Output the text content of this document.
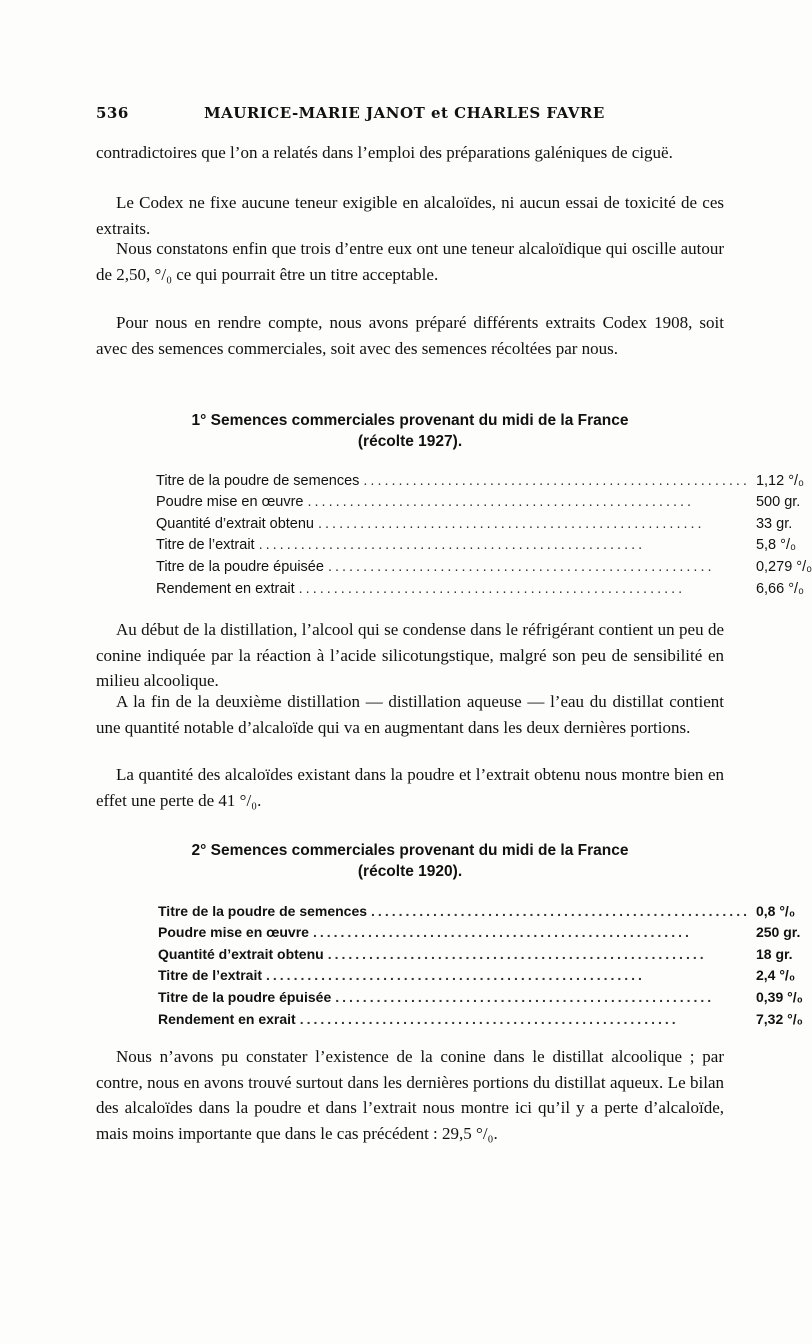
536	MAURICE-MARIE JANOT et CHARLES FAVRE

contradictoires que l’on a relatés dans l’emploi des préparations galéniques de ciguë.

Le Codex ne fixe aucune teneur exigible en alcaloïdes, ni aucun essai de toxicité de ces extraits.

Nous constatons enfin que trois d’entre eux ont une teneur alcaloïdique qui oscille autour de 2,50, °/₀ ce qui pourrait être un titre acceptable.

Pour nous en rendre compte, nous avons préparé différents extraits Codex 1908, soit avec des semences commerciales, soit avec des semences récoltées par nous.

1° Semences commerciales provenant du midi de la France
(récolte 1927).
Titre de la poudre de semences .......................................................	1,12 °/₀
Poudre mise en œuvre .......................................................	500 gr.
Quantité d’extrait obtenu .......................................................	33 gr.
Titre de l’extrait .......................................................	5,8 °/₀
Titre de la poudre épuisée .......................................................	0,279 °/₀
Rendement en extrait .......................................................	6,66 °/₀

Au début de la distillation, l’alcool qui se condense dans le réfrigérant contient un peu de conine indiquée par la réaction à l’acide silicotungstique, malgré son peu de sensibilité en milieu alcoolique.

A la fin de la deuxième distillation — distillation aqueuse — l’eau du distillat contient une quantité notable d’alcaloïde qui va en augmentant dans les deux dernières portions.

La quantité des alcaloïdes existant dans la poudre et l’extrait obtenu nous montre bien en effet une perte de 41 °/₀.

2° Semences commerciales provenant du midi de la France
(récolte 1920).
Titre de la poudre de semences .......................................................	0,8 °/₀
Poudre mise en œuvre .......................................................	250 gr.
Quantité d’extrait obtenu .......................................................	18 gr.
Titre de l’extrait .......................................................	2,4 °/₀
Titre de la poudre épuisée .......................................................	0,39 °/₀
Rendement en exrait .......................................................	7,32 °/₀

Nous n’avons pu constater l’existence de la conine dans le distillat alcoolique ; par contre, nous en avons trouvé surtout dans les dernières portions du distillat aqueux. Le bilan des alcaloïdes dans la poudre et dans l’extrait nous montre ici qu’il y a perte d’alcaloïde, mais moins importante que dans le cas précédent : 29,5 °/₀.
